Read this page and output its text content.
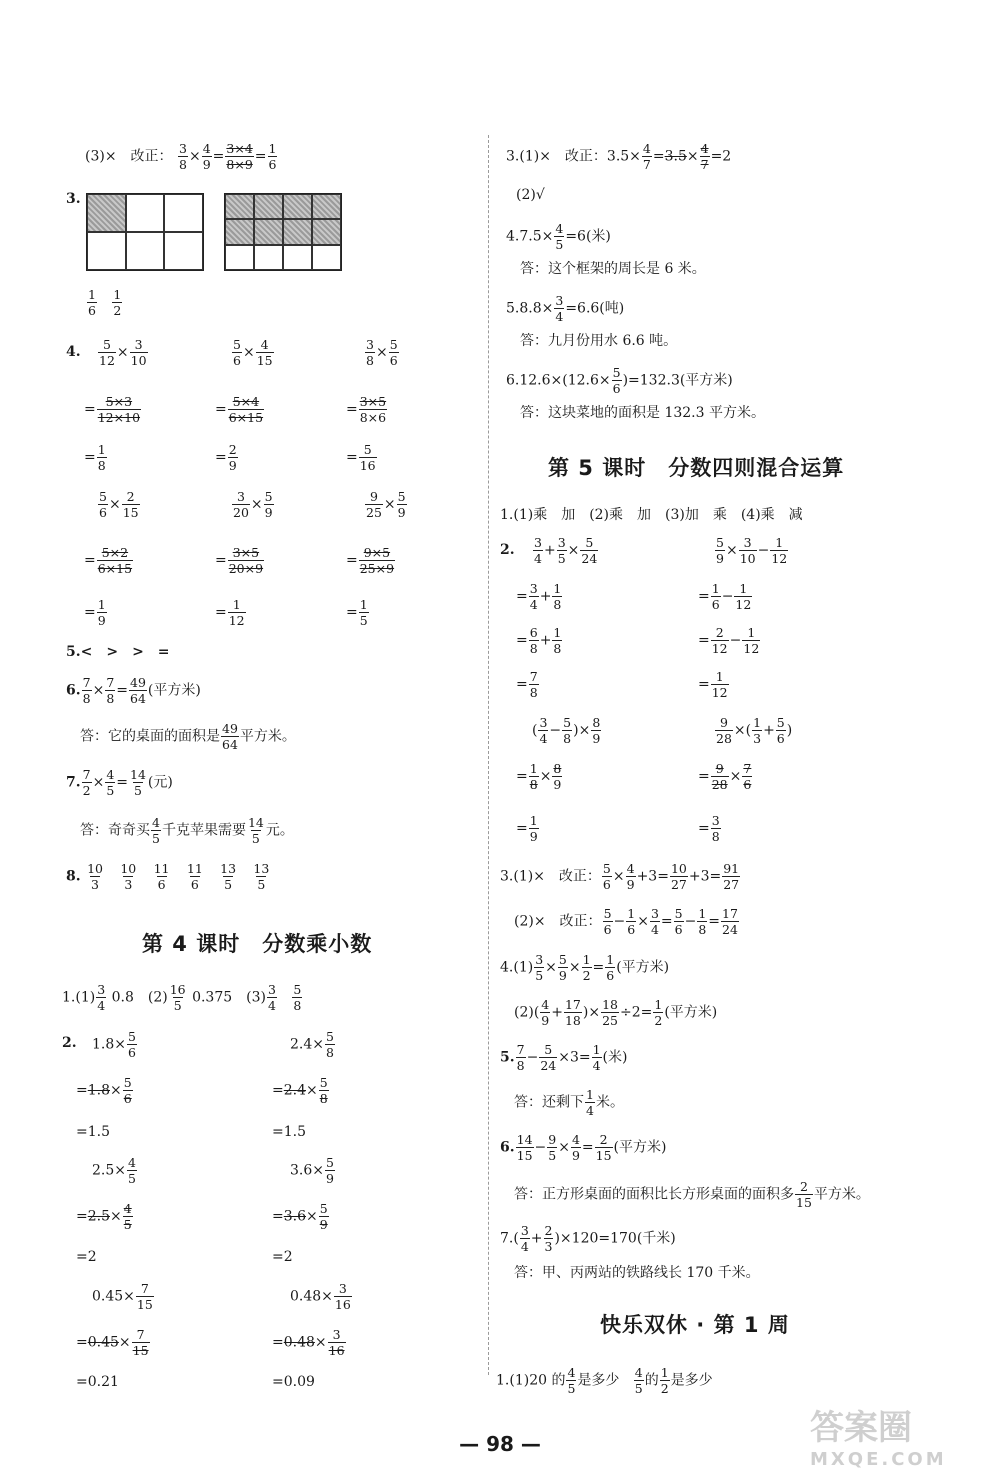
(3)×　改正： $\frac{3}{8} \times \frac{4}{9} = \frac{3\times 4}{8\times 9} = \frac{1}{6}$
3.
$\frac{1}{6}$
$\frac{1}{2}$
4. $\frac{5}{12} \times \frac{3}{10}$	$\frac{5}{6} \times \frac{4}{15}$	$\frac{3}{8} \times \frac{5}{6}$
= $\frac{5\times 3}{12\times 10}$	= $\frac{5\times 4}{6\times 15}$	= $\frac{3\times 5}{8\times 6}$
= $\frac{1}{8}$	= $\frac{2}{9}$	= $\frac{5}{16}$
$\frac{5}{6} \times \frac{2}{15}$	$\frac{3}{20} \times \frac{5}{9}$	$\frac{9}{25} \times \frac{5}{9}$
= $\frac{5\times 2}{6\times 15}$	= $\frac{3\times 5}{20\times 9}$	= $\frac{9\times 5}{25\times 9}$
= $\frac{1}{9}$	= $\frac{1}{12}$	= $\frac{1}{5}$
5.<　>　>　=
6. $\frac{7}{8} \times \frac{7}{8} = \frac{49}{64}$ (平方米)
答：它的桌面的面积是 $\frac{49}{64}$ 平方米。
7. $\frac{7}{2} \times \frac{4}{5} = \frac{14}{5}$ (元)
答：奇奇买 $\frac{4}{5}$ 千克苹果需要 $\frac{14}{5}$ 元。
8. $\frac{10}{3}$
$\frac{10}{3}$
$\frac{11}{6}$
$\frac{11}{6}$
$\frac{13}{5}$
$\frac{13}{5}$
第 4 课时　分数乘小数
$1.(1) \frac{3}{4} 0.8$　$(2) \frac{16}{5} 0.375$　$(3) \frac{3}{4}$
$\frac{5}{8}$
2. $1.8\times \frac{5}{6}$	$2.4\times \frac{5}{8}$
$=1.8\times \frac{5}{6}$	$=2.4\times \frac{5}{8}$
=1.5	=1.5
$2.5\times \frac{4}{5}$	$3.6\times \frac{5}{9}$
$=2.5\times \frac{4}{5}$	$=3.6\times \frac{5}{9}$
=2	=2
$0.45\times \frac{7}{15}$	$0.48\times \frac{3}{16}$
$=0.45\times \frac{7}{15}$	$=0.48\times \frac{3}{16}$
=0.21	=0.09
3.(1)×　改正：$3.5\times \frac{4}{7} =3.5\times \frac{4}{7} =2$
(2)√
$4.7.5\times \frac{4}{5} =6$(米)
答：这个框架的周长是 6 米。
$5.8.8\times \frac{3}{4} =6.6$(吨)
答：九月份用水 6.6 吨。
$6.12.6\times(12.6\times \frac{5}{6} )=132.3$(平方米)
答：这块菜地的面积是 132.3 平方米。
第 5 课时　分数四则混合运算
1.(1)乘　加　(2)乘　加　(3)加　乘　(4)乘　减
2. $\frac{3}{4} + \frac{3}{5} \times \frac{5}{24}$	$\frac{5}{9} \times \frac{3}{10} - \frac{1}{12}$
= $\frac{3}{4} + \frac{1}{8}$	= $\frac{1}{6} - \frac{1}{12}$
= $\frac{6}{8} + \frac{1}{8}$	= $\frac{2}{12} - \frac{1}{12}$
= $\frac{7}{8}$	= $\frac{1}{12}$
( $\frac{3}{4} - \frac{5}{8}$ )× $\frac{8}{9}$	$\frac{9}{28}$ ×( $\frac{1}{3} + \frac{5}{6}$ )
= $\frac{1}{8} \times \frac{8}{9}$	= $\frac{9}{28} \times \frac{7}{6}$
= $\frac{1}{9}$	= $\frac{3}{8}$
3.(1)×　改正： $\frac{5}{6} \times \frac{4}{9} +3= \frac{10}{27} +3= \frac{91}{27}$
(2)×　改正： $\frac{5}{6} - \frac{1}{6} \times \frac{3}{4} = \frac{5}{6} - \frac{1}{8} = \frac{17}{24}$
$4.(1) \frac{3}{5} \times \frac{5}{9} \times \frac{1}{2} = \frac{1}{6}$ (平方米)
$(2)( \frac{4}{9} + \frac{17}{18}$ )× $\frac{18}{25} \div 2= \frac{1}{2}$ (平方米)
5. $\frac{7}{8} - \frac{5}{24} \times 3= \frac{1}{4}$ (米)
答：还剩下 $\frac{1}{4}$ 米。
6. $\frac{14}{15} - \frac{9}{5} \times \frac{4}{9} = \frac{2}{15}$ (平方米)
答：正方形桌面的面积比长方形桌面的面积多 $\frac{2}{15}$ 平方米。
$7.( \frac{3}{4} + \frac{2}{3} )\times 120=170$(千米)
答：甲、丙两站的铁路线长 170 千米。
快乐双休 · 第 1 周
1.(1)20 的 $\frac{4}{5}$ 是多少 $\frac{4}{5}$ 的 $\frac{1}{2}$ 是多少
— 98 —	答案圈
MXQE.COM
